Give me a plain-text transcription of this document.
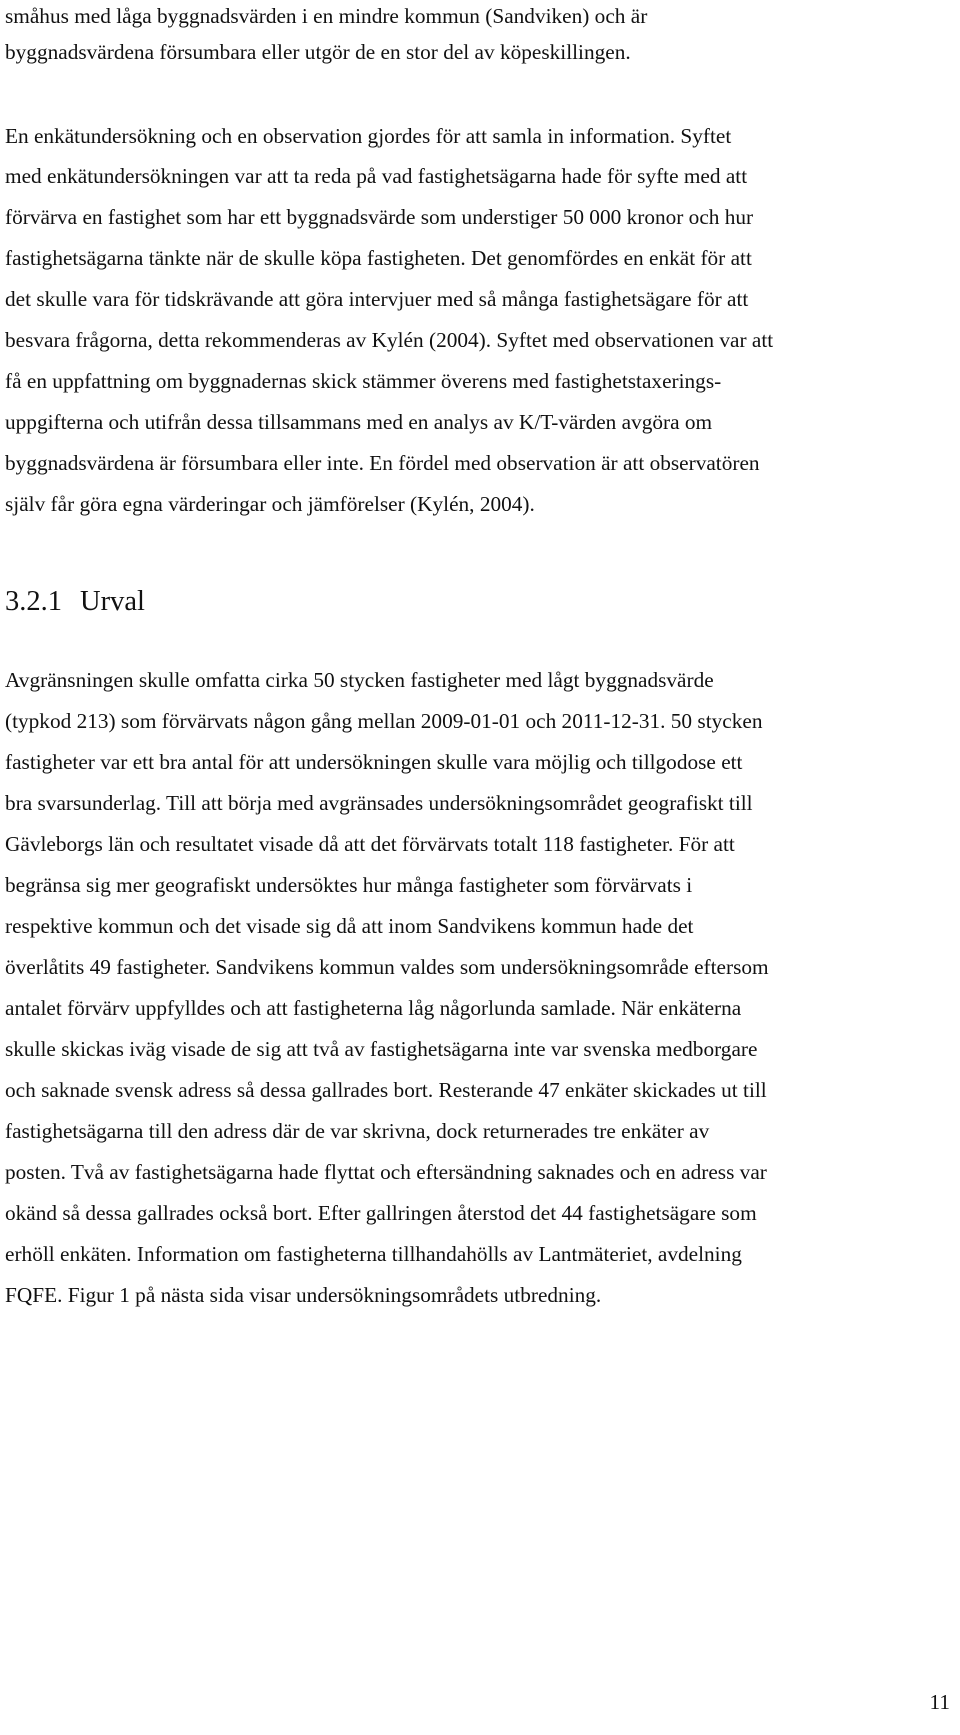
småhus med låga byggnadsvärden i en mindre kommun (Sandviken) och är

byggnadsvärdena försumbara eller utgör de en stor del av köpeskillingen.

En enkätundersökning och en observation gjordes för att samla in information. Syftet

med enkätundersökningen var att ta reda på vad fastighetsägarna hade för syfte med att

förvärva en fastighet som har ett byggnadsvärde som understiger 50 000 kronor och hur

fastighetsägarna tänkte när de skulle köpa fastigheten. Det genomfördes en enkät för att

det skulle vara för tidskrävande att göra intervjuer med så många fastighetsägare för att

besvara frågorna, detta rekommenderas av Kylén (2004). Syftet med observationen var att

få en uppfattning om byggnadernas skick stämmer överens med fastighetstaxerings-

uppgifterna och utifrån dessa tillsammans med en analys av K/T-värden avgöra om

byggnadsvärdena är försumbara eller inte. En fördel med observation är att observatören

själv får göra egna värderingar och jämförelser (Kylén, 2004).

3.2.1 Urval

Avgränsningen skulle omfatta cirka 50 stycken fastigheter med lågt byggnadsvärde

(typkod 213) som förvärvats någon gång mellan 2009-01-01 och 2011-12-31. 50 stycken

fastigheter var ett bra antal för att undersökningen skulle vara möjlig och tillgodose ett

bra svarsunderlag. Till att börja med avgränsades undersökningsområdet geografiskt till

Gävleborgs län och resultatet visade då att det förvärvats totalt 118 fastigheter. För att

begränsa sig mer geografiskt undersöktes hur många fastigheter som förvärvats i

respektive kommun och det visade sig då att inom Sandvikens kommun hade det

överlåtits 49 fastigheter. Sandvikens kommun valdes som undersökningsområde eftersom

antalet förvärv uppfylldes och att fastigheterna låg någorlunda samlade. När enkäterna

skulle skickas iväg visade de sig att två av fastighetsägarna inte var svenska medborgare

och saknade svensk adress så dessa gallrades bort. Resterande 47 enkäter skickades ut till

fastighetsägarna till den adress där de var skrivna, dock returnerades tre enkäter av

posten. Två av fastighetsägarna hade flyttat och eftersändning saknades och en adress var

okänd så dessa gallrades också bort. Efter gallringen återstod det 44 fastighetsägare som

erhöll enkäten. Information om fastigheterna tillhandahölls av Lantmäteriet, avdelning

FQFE. Figur 1 på nästa sida visar undersökningsområdets utbredning.

11
